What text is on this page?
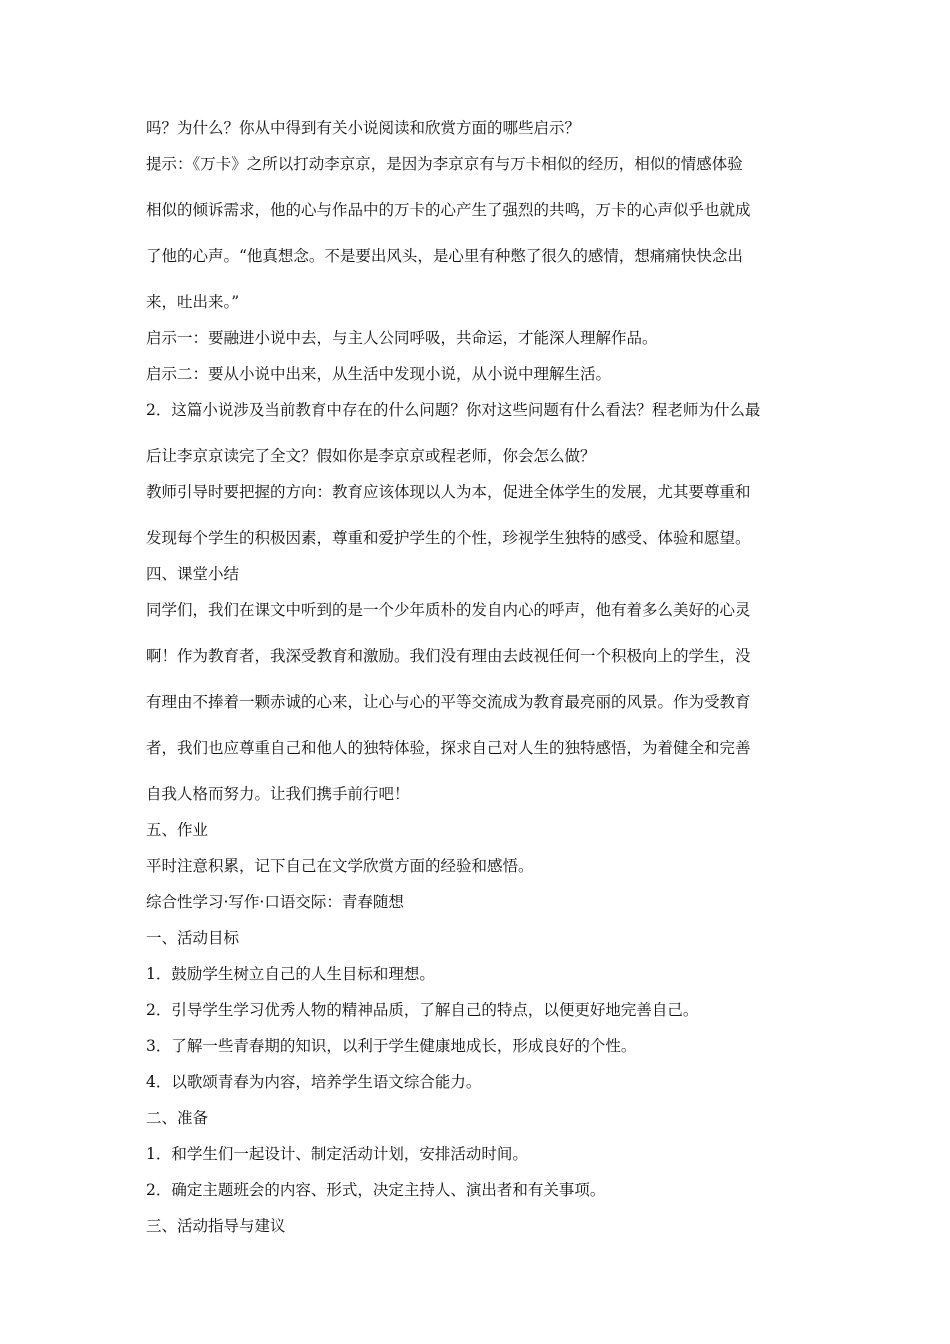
吗？为什么？你从中得到有关小说阅读和欣赏方面的哪些启示？

提示：《万卡》之所以打动李京京，是因为李京京有与万卡相似的经历，相似的情感体验

相似的倾诉需求，他的心与作品中的万卡的心产生了强烈的共鸣，万卡的心声似乎也就成

了他的心声。“他真想念。不是要出风头，是心里有种憋了很久的感情，想痛痛快快念出

来，吐出来。”

启示一：要融进小说中去，与主人公同呼吸，共命运，才能深人理解作品。

启示二：要从小说中出来，从生活中发现小说，从小说中理解生活。

2．这篇小说涉及当前教育中存在的什么问题？你对这些问题有什么看法？程老师为什么最

后让李京京读完了全文？假如你是李京京或程老师，你会怎么做？

教师引导时要把握的方向：教育应该体现以人为本，促进全体学生的发展，尤其要尊重和

发现每个学生的积极因素，尊重和爱护学生的个性，珍视学生独特的感受、体验和愿望。

四、课堂小结

同学们，我们在课文中听到的是一个少年质朴的发自内心的呼声，他有着多么美好的心灵

啊！作为教育者，我深受教育和激励。我们没有理由去歧视任何一个积极向上的学生，没

有理由不捧着一颗赤诚的心来，让心与心的平等交流成为教育最亮丽的风景。作为受教育

者，我们也应尊重自己和他人的独特体验，探求自己对人生的独特感悟，为着健全和完善

自我人格而努力。让我们携手前行吧！

五、作业

平时注意积累，记下自己在文学欣赏方面的经验和感悟。

综合性学习·写作·口语交际：青春随想

一、活动目标

1．鼓励学生树立自己的人生目标和理想。

2．引导学生学习优秀人物的精神品质，了解自己的特点，以便更好地完善自己。

3．了解一些青春期的知识，以利于学生健康地成长，形成良好的个性。

4．以歌颂青春为内容，培养学生语文综合能力。

二、准备

1．和学生们一起设计、制定活动计划，安排活动时间。

2．确定主题班会的内容、形式，决定主持人、演出者和有关事项。

三、活动指导与建议
